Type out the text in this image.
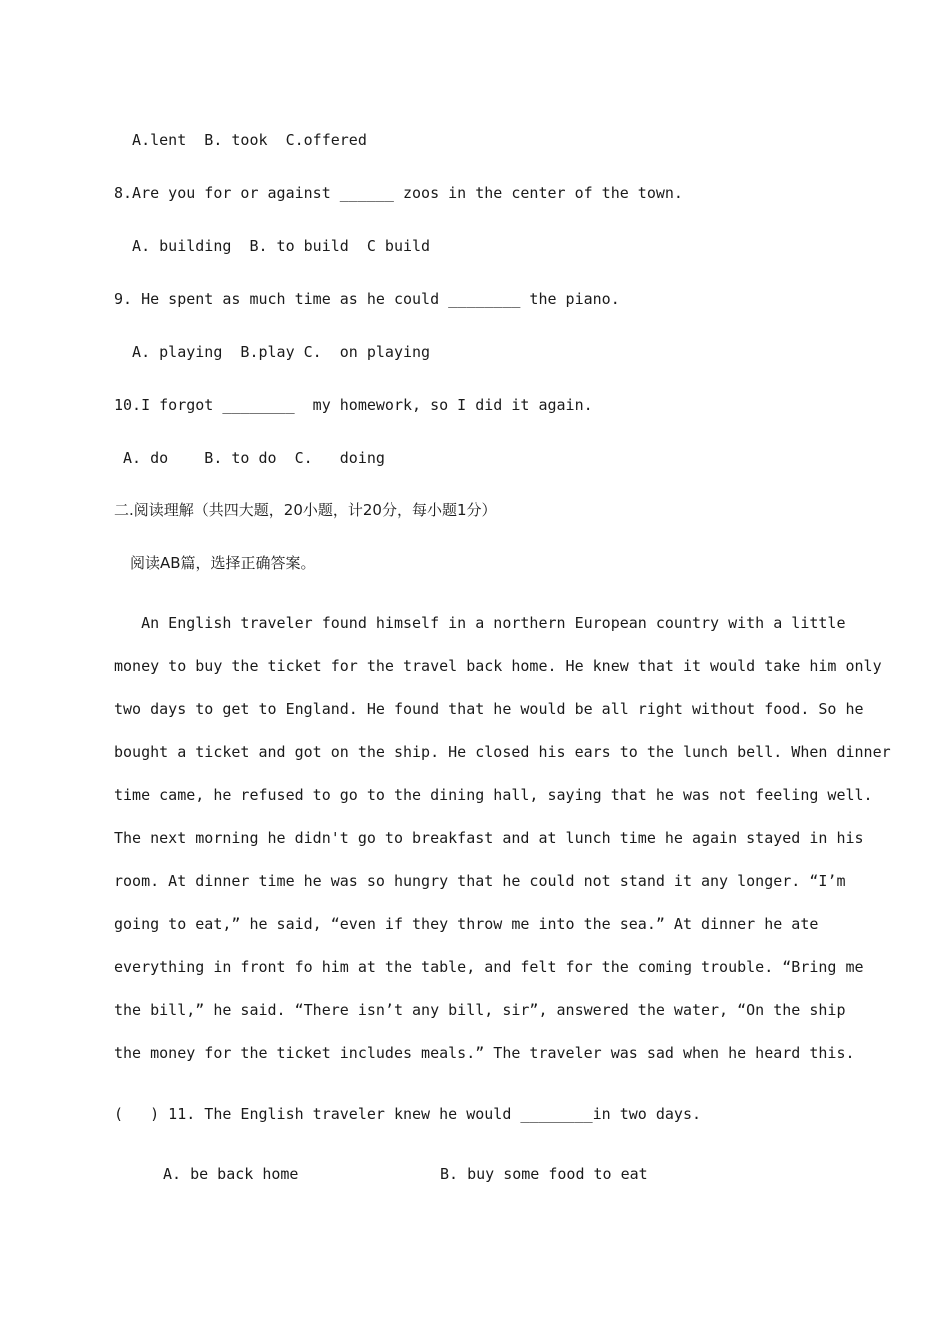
A.lent  B. took  C.offered
8.Are you for or against ______ zoos in the center of the town.
A. building  B. to build  C build
9. He spent as much time as he could ________ the piano.
A. playing  B.play C.  on playing
10.I forgot ________  my homework, so I did it again.
A. do    B. to do  C.   doing
二.阅读理解（共四大题，20小题，计20分，每小题1分）
阅读AB篇，选择正确答案。
An English traveler found himself in a northern European country with a little
money to buy the ticket for the travel back home. He knew that it would take him only
two days to get to England. He found that he would be all right without food. So he
bought a ticket and got on the ship. He closed his ears to the lunch bell. When dinner
time came, he refused to go to the dining hall, saying that he was not feeling well.
The next morning he didn't go to breakfast and at lunch time he again stayed in his
room. At dinner time he was so hungry that he could not stand it any longer. “I’m
going to eat,” he said, “even if they throw me into the sea.” At dinner he ate
everything in front fo him at the table, and felt for the coming trouble. “Bring me
the bill,” he said. “There isn’t any bill, sir”, answered the water, “On the ship
the money for the ticket includes meals.” The traveler was sad when he heard this.
(   ) 11. The English traveler knew he would ________in two days.
A. be back home	B. buy some food to eat
